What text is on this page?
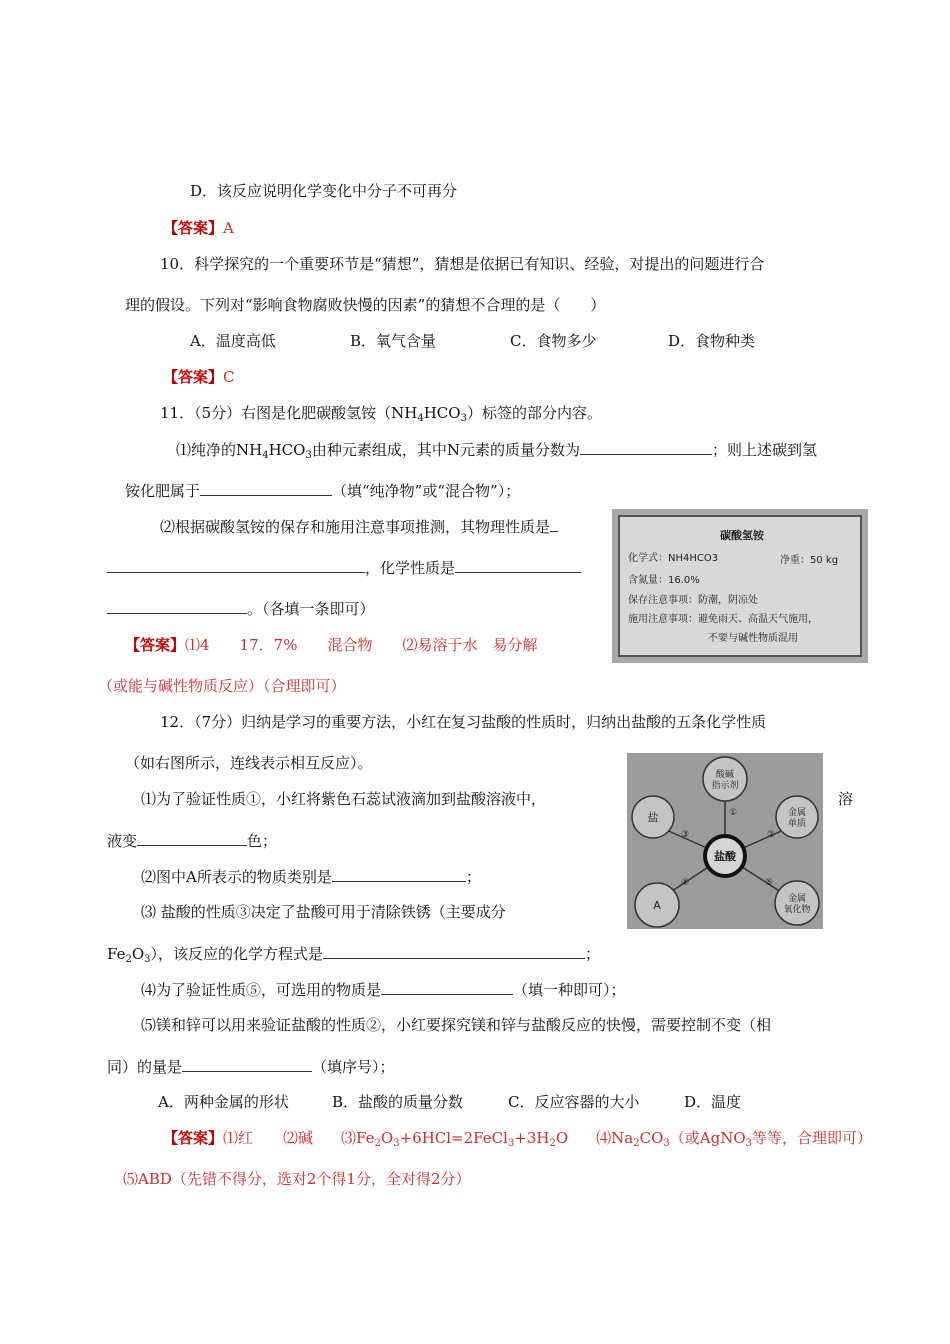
D．该反应说明化学变化中分子不可再分
【答案】A
10．科学探究的一个重要环节是“猜想”，猜想是依据已有知识、经验，对提出的问题进行合
理的假设。下列对“影响食物腐败快慢的因素”的猜想不合理的是（　　）
A．温度高低	B．氧气含量	C．食物多少	D．食物种类
【答案】C
11．（5分）右图是化肥碳酸氢铵$(NH_4HCO_3)$标签的部分内容。
⑴纯净的$NH_4HCO_3$由种元素组成，其中N元素的质量分数为	；则上述碳到氢
铵化肥属于	（填“纯净物”或“混合物”）；
⑵根据碳酸氢铵的保存和施用注意事项推测，其物理性质是
，化学性质是
。（各填一条即可）
【答案】⑴4　　17．7%　　混合物　　⑵易溶于水　易分解
（或能与碱性物质反应）（合理即可）
碳酸氢铵
化学式：NH4HCO3	净重：50 kg
含氮量：16.0%
保存注意事项：防潮，阴凉处
施用注意事项：避免雨天、高温天气施用，
不要与碱性物质混用
12．（7分）归纳是学习的重要方法，小红在复习盐酸的性质时，归纳出盐酸的五条化学性质
（如右图所示，连线表示相互反应）。
⑴为了验证性质①，小红将紫色石蕊试液滴加到盐酸溶液中，	溶
液变	色；
⑵图中A所表示的物质类别是	；
⑶ 盐酸的性质③决定了盐酸可用于清除铁锈（主要成分
$Fe_2O_3$），该反应的化学方程式是	；
⑷为了验证性质⑤，可选用的物质是	（填一种即可）；
⑸镁和锌可以用来验证盐酸的性质②，小红要探究镁和锌与盐酸反应的快慢，需要控制不变（相
同）的量是	（填序号）；
A．两种金属的形状	B．盐酸的质量分数	C．反应容器的大小	D．温度
【答案】⑴红 ⑵碱 $⑶Fe_2O_3+6HCl=2FeCl_3+3H_2O$ $⑷Na_2CO_3$（或AgNO$_3$等等，合理即可）
⑸ABD（先错不得分，选对2个得1分，全对得2分）
酸碱
指示剂
盐	金属
单质
A	金属
氧化物
盐酸
①
②
③
④	⑤
